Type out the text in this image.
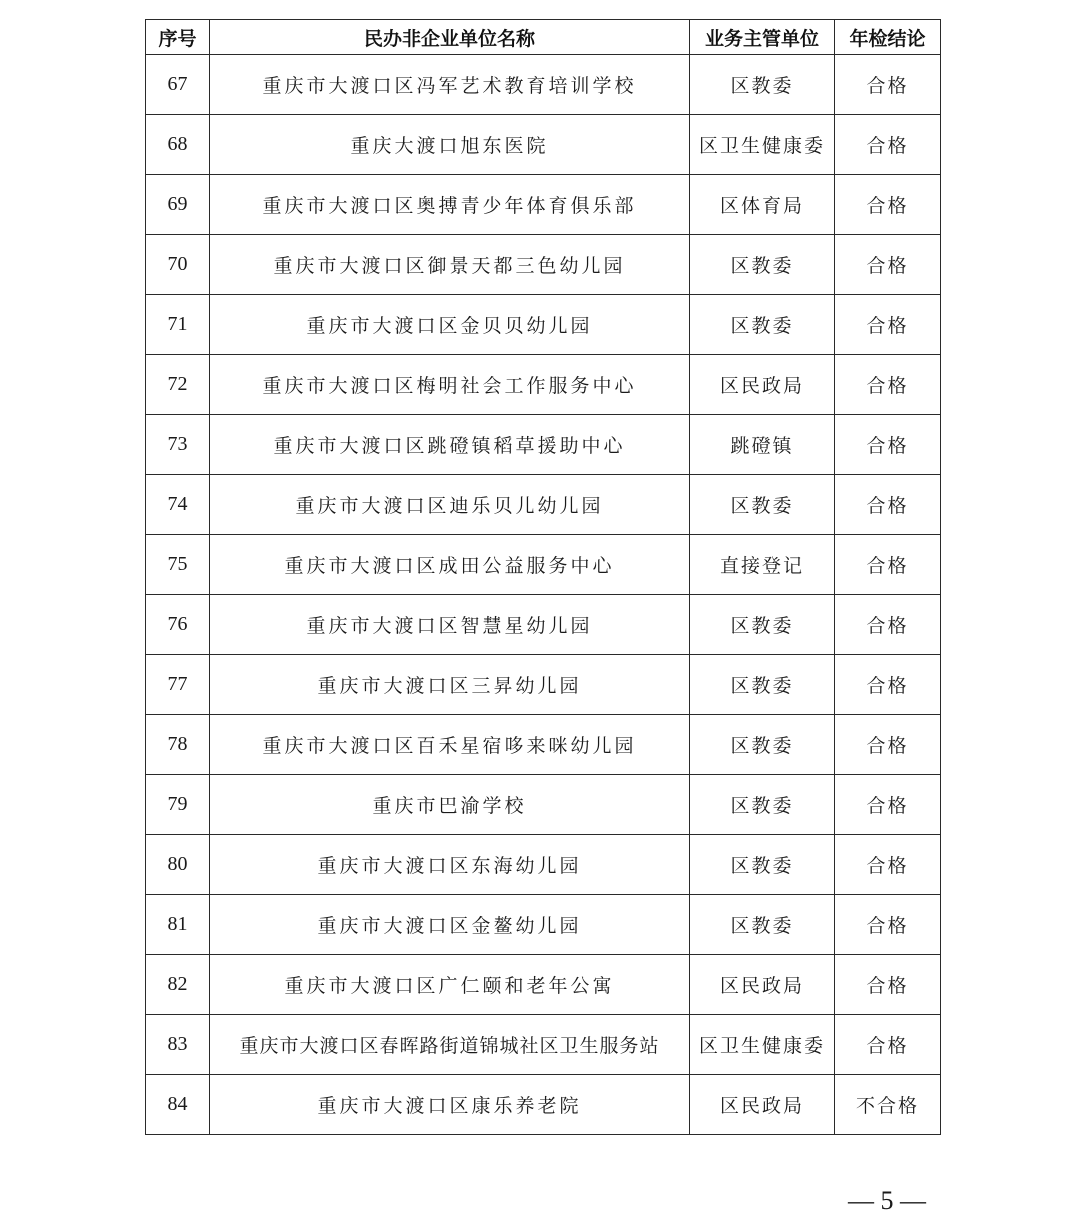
序号	民办非企业单位名称	业务主管单位	年检结论
67	重庆市大渡口区冯军艺术教育培训学校	区教委	合格
68	重庆大渡口旭东医院	区卫生健康委	合格
69	重庆市大渡口区奥搏青少年体育俱乐部	区体育局	合格
70	重庆市大渡口区御景天都三色幼儿园	区教委	合格
71	重庆市大渡口区金贝贝幼儿园	区教委	合格
72	重庆市大渡口区梅明社会工作服务中心	区民政局	合格
73	重庆市大渡口区跳磴镇稻草援助中心	跳磴镇	合格
74	重庆市大渡口区迪乐贝儿幼儿园	区教委	合格
75	重庆市大渡口区成田公益服务中心	直接登记	合格
76	重庆市大渡口区智慧星幼儿园	区教委	合格
77	重庆市大渡口区三昇幼儿园	区教委	合格
78	重庆市大渡口区百禾星宿哆来咪幼儿园	区教委	合格
79	重庆市巴渝学校	区教委	合格
80	重庆市大渡口区东海幼儿园	区教委	合格
81	重庆市大渡口区金鳌幼儿园	区教委	合格
82	重庆市大渡口区广仁颐和老年公寓	区民政局	合格
83	重庆市大渡口区春晖路街道锦城社区卫生服务站	区卫生健康委	合格
84	重庆市大渡口区康乐养老院	区民政局	不合格
— 5 —
